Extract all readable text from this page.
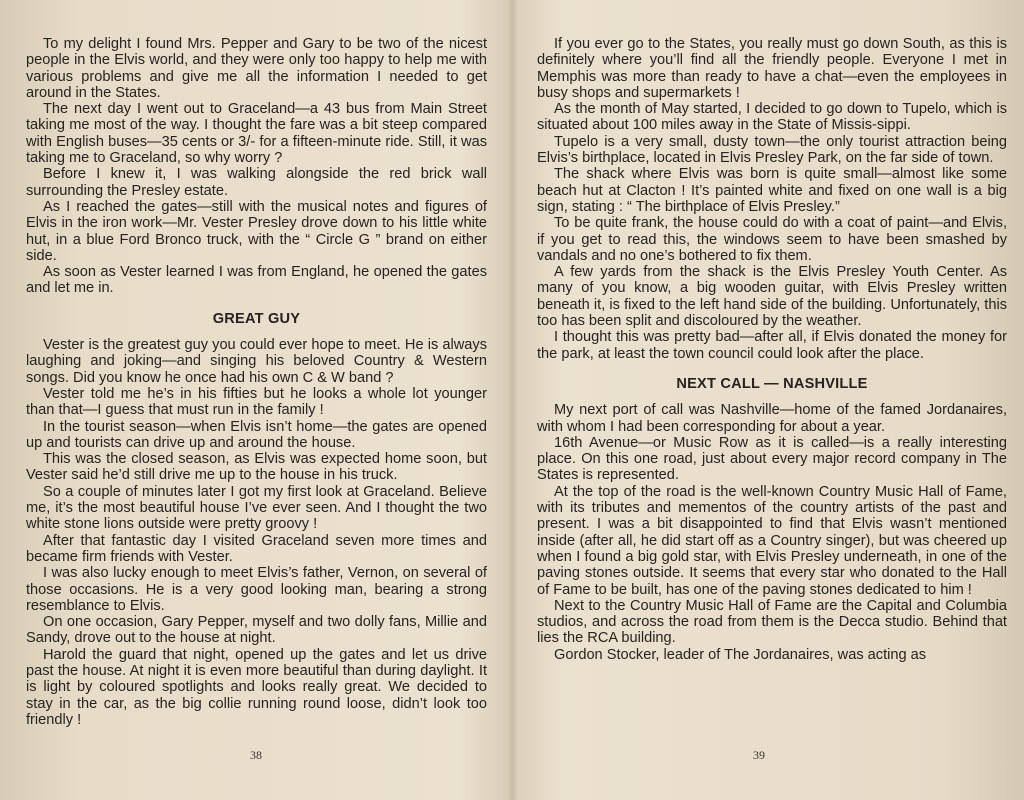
To my delight I found Mrs. Pepper and Gary to be two of the nicest people in the Elvis world, and they were only too happy to help me with various problems and give me all the information I needed to get around in the States.

The next day I went out to Graceland—a 43 bus from Main Street taking me most of the way. I thought the fare was a bit steep compared with English buses—35 cents or 3/- for a fifteen-minute ride. Still, it was taking me to Graceland, so why worry ?

Before I knew it, I was walking alongside the red brick wall surrounding the Presley estate.

As I reached the gates—still with the musical notes and figures of Elvis in the iron work—Mr. Vester Presley drove down to his little white hut, in a blue Ford Bronco truck, with the “ Circle G ” brand on either side.

As soon as Vester learned I was from England, he opened the gates and let me in.

GREAT GUY

Vester is the greatest guy you could ever hope to meet. He is always laughing and joking—and singing his beloved Country & Western songs. Did you know he once had his own C & W band ?

Vester told me he’s in his fifties but he looks a whole lot younger than that—I guess that must run in the family !

In the tourist season—when Elvis isn’t home—the gates are opened up and tourists can drive up and around the house.

This was the closed season, as Elvis was expected home soon, but Vester said he’d still drive me up to the house in his truck.

So a couple of minutes later I got my first look at Graceland. Believe me, it’s the most beautiful house I’ve ever seen. And I thought the two white stone lions outside were pretty groovy !

After that fantastic day I visited Graceland seven more times and became firm friends with Vester.

I was also lucky enough to meet Elvis’s father, Vernon, on several of those occasions. He is a very good looking man, bearing a strong resemblance to Elvis.

On one occasion, Gary Pepper, myself and two dolly fans, Millie and Sandy, drove out to the house at night.

Harold the guard that night, opened up the gates and let us drive past the house. At night it is even more beautiful than during daylight. It is light by coloured spotlights and looks really great. We decided to stay in the car, as the big collie running round loose, didn’t look too friendly !

38

If you ever go to the States, you really must go down South, as this is definitely where you’ll find all the friendly people. Everyone I met in Memphis was more than ready to have a chat—even the employees in busy shops and supermarkets !

As the month of May started, I decided to go down to Tupelo, which is situated about 100 miles away in the State of Missis-sippi.

Tupelo is a very small, dusty town—the only tourist attraction being Elvis’s birthplace, located in Elvis Presley Park, on the far side of town.

The shack where Elvis was born is quite small—almost like some beach hut at Clacton ! It’s painted white and fixed on one wall is a big sign, stating : “ The birthplace of Elvis Presley.”

To be quite frank, the house could do with a coat of paint—and Elvis, if you get to read this, the windows seem to have been smashed by vandals and no one’s bothered to fix them.

A few yards from the shack is the Elvis Presley Youth Center. As many of you know, a big wooden guitar, with Elvis Presley written beneath it, is fixed to the left hand side of the building. Unfortunately, this too has been split and discoloured by the weather.

I thought this was pretty bad—after all, if Elvis donated the money for the park, at least the town council could look after the place.

NEXT CALL — NASHVILLE

My next port of call was Nashville—home of the famed Jordanaires, with whom I had been corresponding for about a year.

16th Avenue—or Music Row as it is called—is a really interesting place. On this one road, just about every major record company in The States is represented.

At the top of the road is the well-known Country Music Hall of Fame, with its tributes and mementos of the country artists of the past and present. I was a bit disappointed to find that Elvis wasn’t mentioned inside (after all, he did start off as a Country singer), but was cheered up when I found a big gold star, with Elvis Presley underneath, in one of the paving stones outside. It seems that every star who donated to the Hall of Fame to be built, has one of the paving stones dedicated to him !

Next to the Country Music Hall of Fame are the Capital and Columbia studios, and across the road from them is the Decca studio. Behind that lies the RCA building.

Gordon Stocker, leader of The Jordanaires, was acting as

39
